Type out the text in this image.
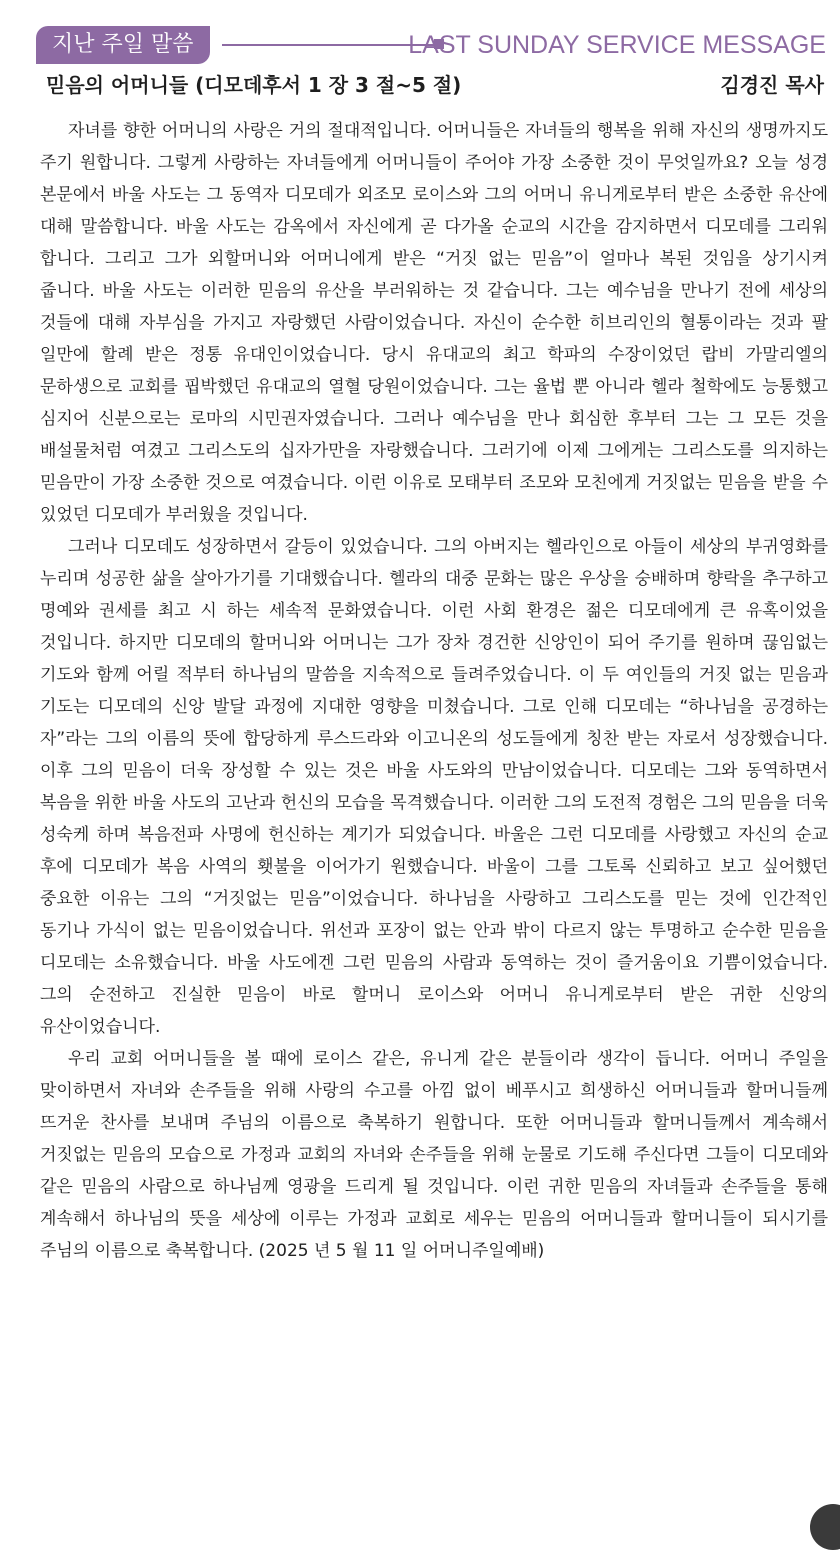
지난 주일 말씀	LAST SUNDAY SERVICE MESSAGE
믿음의 어머니들 (디모데후서 1 장 3 절~5 절)	김경진 목사

자녀를 향한 어머니의 사랑은 거의 절대적입니다. 어머니들은 자녀들의 행복을 위해 자신의 생명까지도 주기 원합니다. 그렇게 사랑하는 자녀들에게 어머니들이 주어야 가장 소중한 것이 무엇일까요? 오늘 성경 본문에서 바울 사도는 그 동역자 디모데가 외조모 로이스와 그의 어머니 유니게로부터 받은 소중한 유산에 대해 말씀합니다. 바울 사도는 감옥에서 자신에게 곧 다가올 순교의 시간을 감지하면서 디모데를 그리워 합니다. 그리고 그가 외할머니와 어머니에게 받은 “거짓 없는 믿음”이 얼마나 복된 것임을 상기시켜 줍니다. 바울 사도는 이러한 믿음의 유산을 부러워하는 것 같습니다. 그는 예수님을 만나기 전에 세상의 것들에 대해 자부심을 가지고 자랑했던 사람이었습니다. 자신이 순수한 히브리인의 혈통이라는 것과 팔 일만에 할례 받은 정통 유대인이었습니다. 당시 유대교의 최고 학파의 수장이었던 랍비 가말리엘의 문하생으로 교회를 핍박했던 유대교의 열혈 당원이었습니다. 그는 율법 뿐 아니라 헬라 철학에도 능통했고 심지어 신분으로는 로마의 시민권자였습니다. 그러나 예수님을 만나 회심한 후부터 그는 그 모든 것을 배설물처럼 여겼고 그리스도의 십자가만을 자랑했습니다. 그러기에 이제 그에게는 그리스도를 의지하는 믿음만이 가장 소중한 것으로 여겼습니다. 이런 이유로 모태부터 조모와 모친에게 거짓없는 믿음을 받을 수 있었던 디모데가 부러웠을 것입니다.

그러나 디모데도 성장하면서 갈등이 있었습니다. 그의 아버지는 헬라인으로 아들이 세상의 부귀영화를 누리며 성공한 삶을 살아가기를 기대했습니다. 헬라의 대중 문화는 많은 우상을 숭배하며 향락을 추구하고 명예와 권세를 최고 시 하는 세속적 문화였습니다. 이런 사회 환경은 젊은 디모데에게 큰 유혹이었을 것입니다. 하지만 디모데의 할머니와 어머니는 그가 장차 경건한 신앙인이 되어 주기를 원하며 끊임없는 기도와 함께 어릴 적부터 하나님의 말씀을 지속적으로 들려주었습니다. 이 두 여인들의 거짓 없는 믿음과 기도는 디모데의 신앙 발달 과정에 지대한 영향을 미쳤습니다. 그로 인해 디모데는 “하나님을 공경하는 자”라는 그의 이름의 뜻에 합당하게 루스드라와 이고니온의 성도들에게 칭찬 받는 자로서 성장했습니다. 이후 그의 믿음이 더욱 장성할 수 있는 것은 바울 사도와의 만남이었습니다. 디모데는 그와 동역하면서 복음을 위한 바울 사도의 고난과 헌신의 모습을 목격했습니다. 이러한 그의 도전적 경험은 그의 믿음을 더욱 성숙케 하며 복음전파 사명에 헌신하는 계기가 되었습니다. 바울은 그런 디모데를 사랑했고 자신의 순교 후에 디모데가 복음 사역의 횃불을 이어가기 원했습니다. 바울이 그를 그토록 신뢰하고 보고 싶어했던 중요한 이유는 그의 “거짓없는 믿음”이었습니다. 하나님을 사랑하고 그리스도를 믿는 것에 인간적인 동기나 가식이 없는 믿음이었습니다. 위선과 포장이 없는 안과 밖이 다르지 않는 투명하고 순수한 믿음을 디모데는 소유했습니다. 바울 사도에겐 그런 믿음의 사람과 동역하는 것이 즐거움이요 기쁨이었습니다. 그의 순전하고 진실한 믿음이 바로 할머니 로이스와 어머니 유니게로부터 받은 귀한 신앙의 유산이었습니다.

우리 교회 어머니들을 볼 때에 로이스 같은, 유니게 같은 분들이라 생각이 듭니다. 어머니 주일을 맞이하면서 자녀와 손주들을 위해 사랑의 수고를 아낌 없이 베푸시고 희생하신 어머니들과 할머니들께 뜨거운 찬사를 보내며 주님의 이름으로 축복하기 원합니다. 또한 어머니들과 할머니들께서 계속해서 거짓없는 믿음의 모습으로 가정과 교회의 자녀와 손주들을 위해 눈물로 기도해 주신다면 그들이 디모데와 같은 믿음의 사람으로 하나님께 영광을 드리게 될 것입니다. 이런 귀한 믿음의 자녀들과 손주들을 통해 계속해서 하나님의 뜻을 세상에 이루는 가정과 교회로 세우는 믿음의 어머니들과 할머니들이 되시기를 주님의 이름으로 축복합니다. (2025 년 5 월 11 일 어머니주일예배)
